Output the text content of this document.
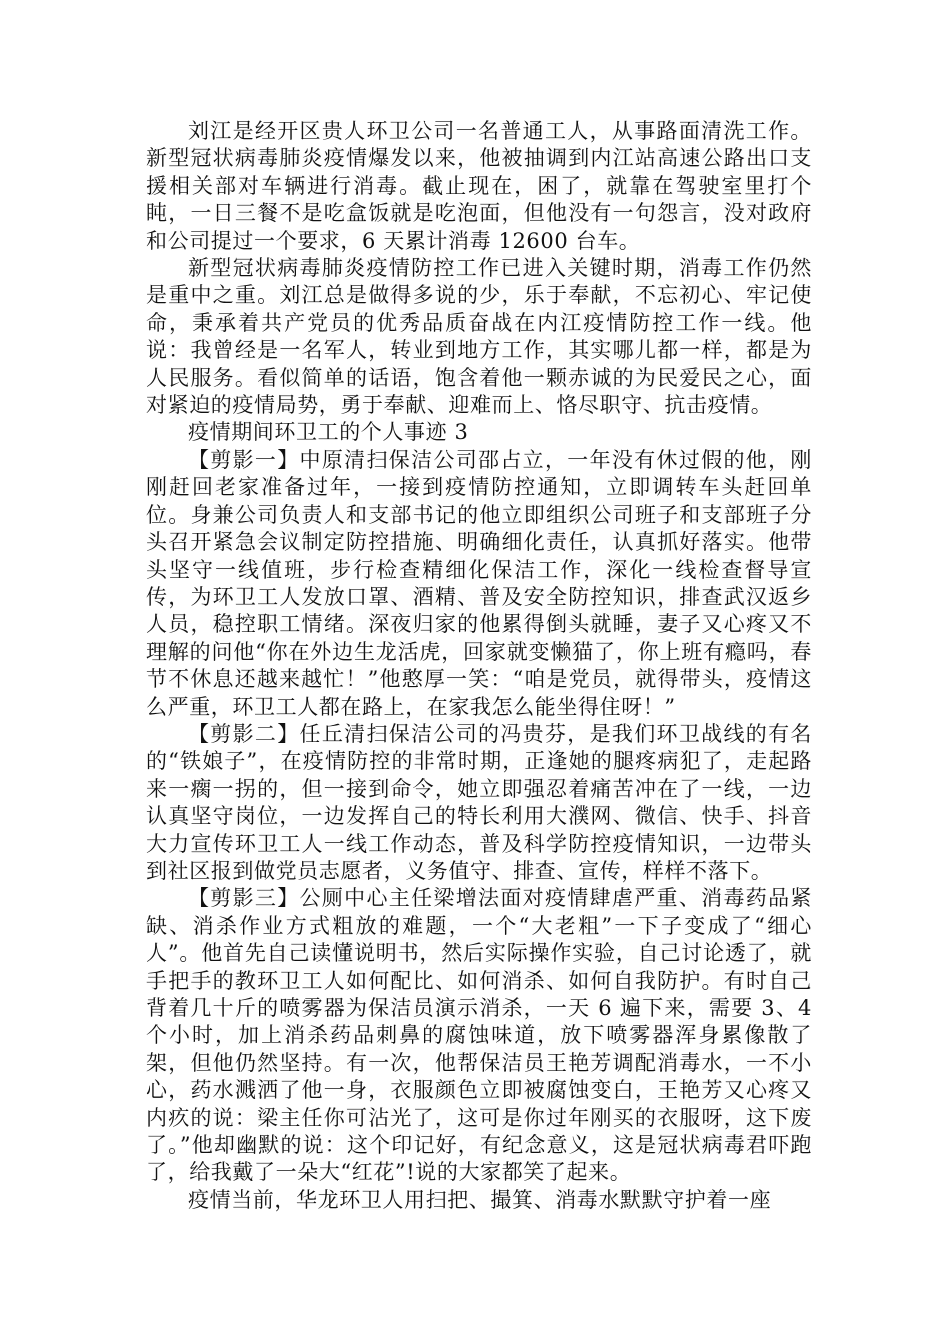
刘江是经开区贵人环卫公司一名普通工人，从事路面清洗工作。新型冠状病毒肺炎疫情爆发以来，他被抽调到内江站高速公路出口支援相关部对车辆进行消毒。截止现在，困了，就靠在驾驶室里打个盹，一日三餐不是吃盒饭就是吃泡面，但他没有一句怨言，没对政府和公司提过一个要求，6 天累计消毒 12600 台车。

新型冠状病毒肺炎疫情防控工作已进入关键时期，消毒工作仍然是重中之重。刘江总是做得多说的少，乐于奉献，不忘初心、牢记使命，秉承着共产党员的优秀品质奋战在内江疫情防控工作一线。他说：我曾经是一名军人，转业到地方工作，其实哪儿都一样，都是为人民服务。看似简单的话语，饱含着他一颗赤诚的为民爱民之心，面对紧迫的疫情局势，勇于奉献、迎难而上、恪尽职守、抗击疫情。

疫情期间环卫工的个人事迹 3

【剪影一】中原清扫保洁公司邵占立，一年没有休过假的他，刚刚赶回老家准备过年，一接到疫情防控通知，立即调转车头赶回单位。身兼公司负责人和支部书记的他立即组织公司班子和支部班子分头召开紧急会议制定防控措施、明确细化责任，认真抓好落实。他带头坚守一线值班，步行检查精细化保洁工作，深化一线检查督导宣传，为环卫工人发放口罩、酒精、普及安全防控知识，排查武汉返乡人员，稳控职工情绪。深夜归家的他累得倒头就睡，妻子又心疼又不理解的问他“你在外边生龙活虎，回家就变懒猫了，你上班有瘾吗，春节不休息还越来越忙！”他憨厚一笑：“咱是党员，就得带头，疫情这么严重，环卫工人都在路上，在家我怎么能坐得住呀！”

【剪影二】任丘清扫保洁公司的冯贵芬，是我们环卫战线的有名的“铁娘子”，在疫情防控的非常时期，正逢她的腿疼病犯了，走起路来一瘸一拐的，但一接到命令，她立即强忍着痛苦冲在了一线，一边认真坚守岗位，一边发挥自己的特长利用大濮网、微信、快手、抖音大力宣传环卫工人一线工作动态，普及科学防控疫情知识，一边带头到社区报到做党员志愿者，义务值守、排查、宣传，样样不落下。

【剪影三】公厕中心主任梁增法面对疫情肆虐严重、消毒药品紧缺、消杀作业方式粗放的难题，一个“大老粗”一下子变成了“细心人”。他首先自己读懂说明书，然后实际操作实验，自己讨论透了，就手把手的教环卫工人如何配比、如何消杀、如何自我防护。有时自己背着几十斤的喷雾器为保洁员演示消杀，一天 6 遍下来，需要 3、4 个小时，加上消杀药品刺鼻的腐蚀味道，放下喷雾器浑身累像散了架，但他仍然坚持。有一次，他帮保洁员王艳芳调配消毒水，一不小心，药水溅洒了他一身，衣服颜色立即被腐蚀变白，王艳芳又心疼又内疚的说：梁主任你可沾光了，这可是你过年刚买的衣服呀，这下废了。”他却幽默的说：这个印记好，有纪念意义，这是冠状病毒君吓跑了，给我戴了一朵大“红花”!说的大家都笑了起来。

疫情当前，华龙环卫人用扫把、撮箕、消毒水默默守护着一座
